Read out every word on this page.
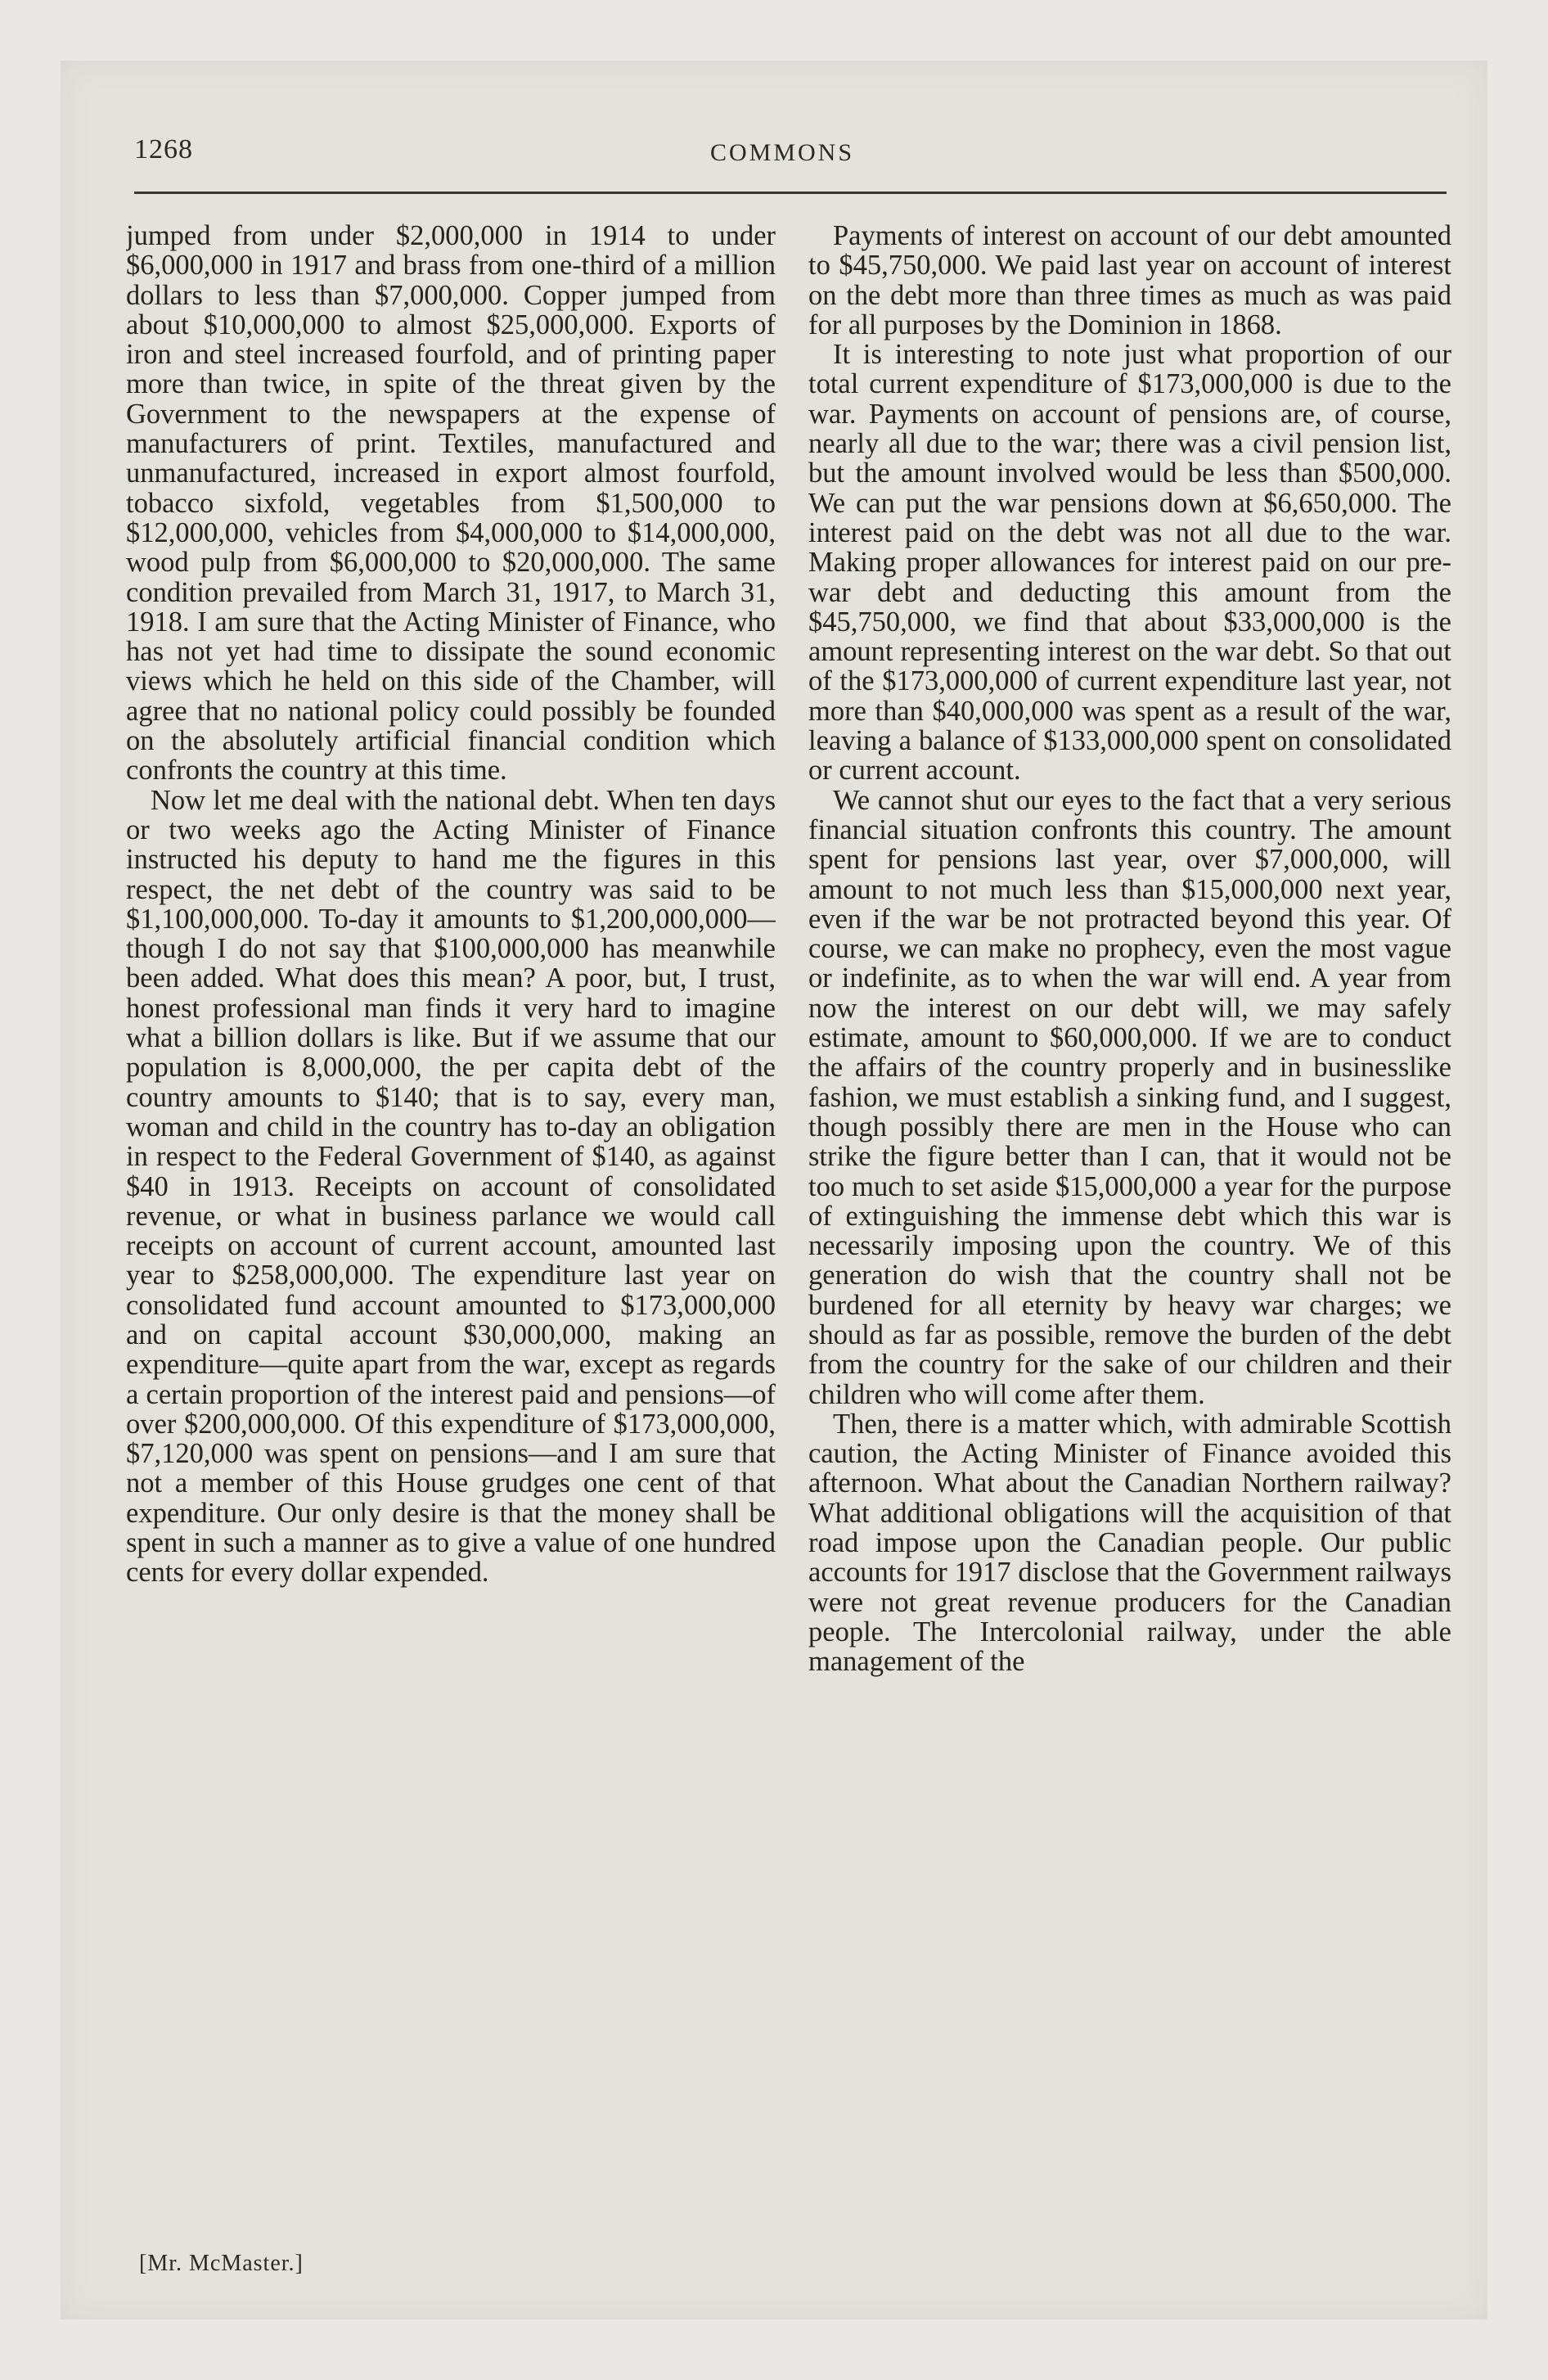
1268	COMMONS

jumped from under $2,000,000 in 1914 to under $6,000,000 in 1917 and brass from one-third of a million dollars to less than $7,000,000. Copper jumped from about $10,000,000 to almost $25,000,000. Exports of iron and steel increased fourfold, and of printing paper more than twice, in spite of the threat given by the Government to the newspapers at the expense of manufacturers of print. Textiles, manufactured and unmanufactured, increased in export almost fourfold, tobacco sixfold, vegetables from $1,500,000 to $12,000,000, vehicles from $4,000,000 to $14,000,000, wood pulp from $6,000,000 to $20,000,000. The same condition prevailed from March 31, 1917, to March 31, 1918. I am sure that the Acting Minister of Finance, who has not yet had time to dissipate the sound economic views which he held on this side of the Chamber, will agree that no national policy could possibly be founded on the absolutely artificial financial condition which confronts the country at this time.

Now let me deal with the national debt. When ten days or two weeks ago the Acting Minister of Finance instructed his deputy to hand me the figures in this respect, the net debt of the country was said to be $1,100,000,000. To-day it amounts to $1,200,000,000—though I do not say that $100,000,000 has meanwhile been added. What does this mean? A poor, but, I trust, honest professional man finds it very hard to imagine what a billion dollars is like. But if we assume that our population is 8,000,000, the per capita debt of the country amounts to $140; that is to say, every man, woman and child in the country has to-day an obligation in respect to the Federal Government of $140, as against $40 in 1913. Receipts on account of consolidated revenue, or what in business parlance we would call receipts on account of current account, amounted last year to $258,000,000. The expenditure last year on consolidated fund account amounted to $173,000,000 and on capital account $30,000,000, making an expenditure—quite apart from the war, except as regards a certain proportion of the interest paid and pensions—of over $200,000,000. Of this expenditure of $173,000,000, $7,120,000 was spent on pensions—and I am sure that not a member of this House grudges one cent of that expenditure. Our only desire is that the money shall be spent in such a manner as to give a value of one hundred cents for every dollar expended.

[Mr. McMaster.]

Payments of interest on account of our debt amounted to $45,750,000. We paid last year on account of interest on the debt more than three times as much as was paid for all purposes by the Dominion in 1868.

It is interesting to note just what proportion of our total current expenditure of $173,000,000 is due to the war. Payments on account of pensions are, of course, nearly all due to the war; there was a civil pension list, but the amount involved would be less than $500,000. We can put the war pensions down at $6,650,000. The interest paid on the debt was not all due to the war. Making proper allowances for interest paid on our pre-war debt and deducting this amount from the $45,750,000, we find that about $33,000,000 is the amount representing interest on the war debt. So that out of the $173,000,000 of current expenditure last year, not more than $40,000,000 was spent as a result of the war, leaving a balance of $133,000,000 spent on consolidated or current account.

We cannot shut our eyes to the fact that a very serious financial situation confronts this country. The amount spent for pensions last year, over $7,000,000, will amount to not much less than $15,000,000 next year, even if the war be not protracted beyond this year. Of course, we can make no prophecy, even the most vague or indefinite, as to when the war will end. A year from now the interest on our debt will, we may safely estimate, amount to $60,000,000. If we are to conduct the affairs of the country properly and in businesslike fashion, we must establish a sinking fund, and I suggest, though possibly there are men in the House who can strike the figure better than I can, that it would not be too much to set aside $15,000,000 a year for the purpose of extinguishing the immense debt which this war is necessarily imposing upon the country. We of this generation do wish that the country shall not be burdened for all eternity by heavy war charges; we should as far as possible, remove the burden of the debt from the country for the sake of our children and their children who will come after them.

Then, there is a matter which, with admirable Scottish caution, the Acting Minister of Finance avoided this afternoon. What about the Canadian Northern railway? What additional obligations will the acquisition of that road impose upon the Canadian people. Our public accounts for 1917 disclose that the Government railways were not great revenue producers for the Canadian people. The Intercolonial railway, under the able management of the
